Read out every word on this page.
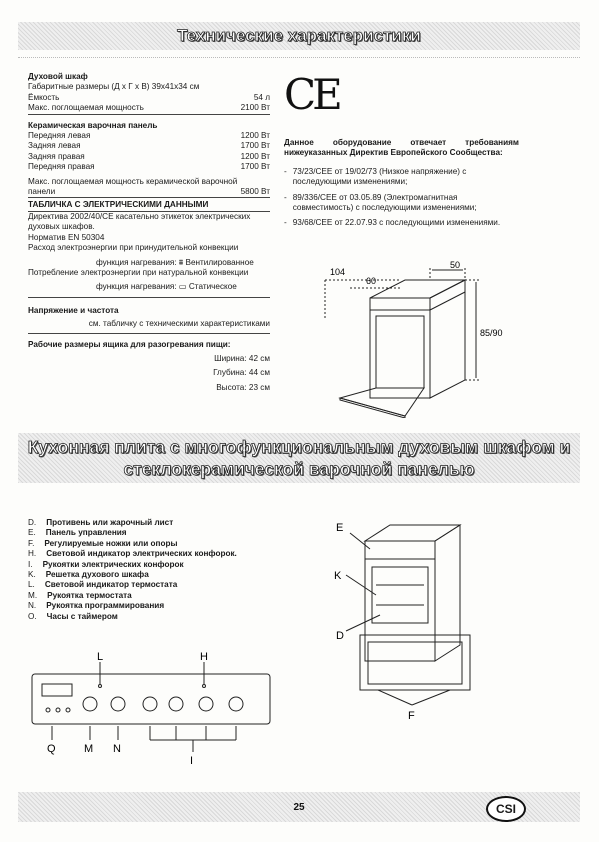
Технические характеристики
Духовой шкаф
Габаритные размеры (Д x Г x В) 39x41x34 см
Ёмкость	54 л
Макс. поглощаемая мощность	2100 Вт
Керамическая варочная панель
Передняя левая	1200 Вт
Задняя левая	1700 Вт
Задняя правая	1200 Вт
Передняя правая	1700 Вт
Макс. поглощаемая мощность керамической варочной
панели	5800 Вт
ТАБЛИЧКА С ЭЛЕКТРИЧЕСКИМИ ДАННЫМИ
Директива 2002/40/CE касательно этикеток электрических
духовых шкафов.
Норматив EN 50304
Расход электроэнергии при принудительной конвекции
функция нагревания: ⩩ Вентилированное
Потребление электроэнергии при натуральной конвекции
функция нагревания: ▭ Статическое
Напряжение и частота
см. табличку с техническими характеристиками
Рабочие размеры ящика для разогревания пищи:
Ширина: 42 см
Глубина: 44 см
Высота: 23 см
CE
Данное оборудование отвечает требованиям нижеуказанных Директив Европейского Сообщества:
- 73/23/CEE от 19/02/73 (Низкое напряжение) с последующими изменениями;
- 89/336/CEE от 03.05.89 (Электромагнитная совместимость) с последующими изменениями;
- 93/68/CEE от 22.07.93 с последующими изменениями.
104
60
50
85/90
Кухонная плита с многофункциональным духовым шкафом и
стеклокерамической варочной панелью
D. Противень или жарочный лист
E. Панель управления
F. Регулируемые ножки или опоры
H. Световой индикатор электрических конфорок.
I. Рукоятки электрических конфорок
K. Решетка духового шкафа
L. Световой индикатор термостата
M. Рукоятка термостата
N. Рукоятка программирования
O. Часы с таймером
L	H
Q	M N
I
E
K
D
F
25	CSI
